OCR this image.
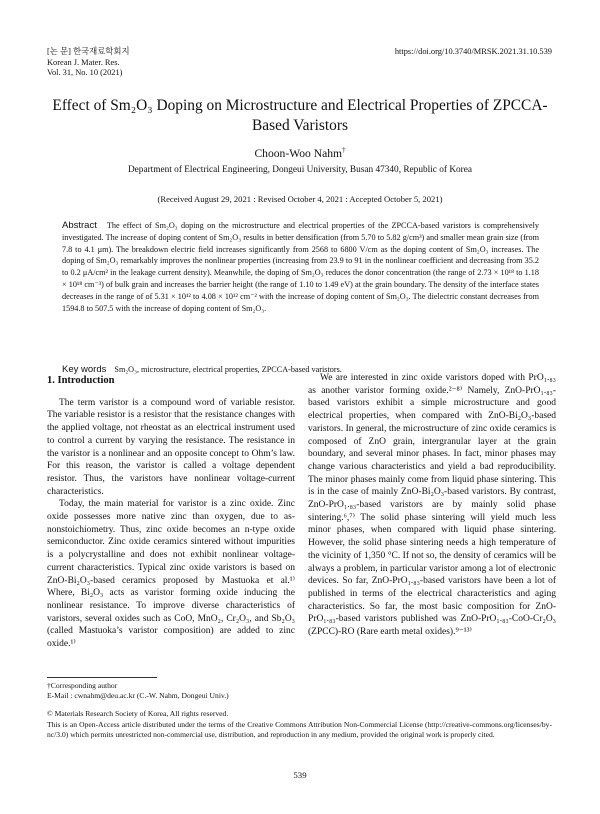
[논 문] 한국재료학회지
Korean J. Mater. Res.
Vol. 31, No. 10 (2021)
https://doi.org/10.3740/MRSK.2021.31.10.539
Effect of Sm₂O₃ Doping on Microstructure and Electrical Properties of ZPCCA-Based Varistors
Choon-Woo Nahm†
Department of Electrical Engineering, Dongeui University, Busan 47340, Republic of Korea
(Received August 29, 2021 : Revised October 4, 2021 : Accepted October 5, 2021)
Abstract The effect of Sm₂O₃ doping on the microstructure and electrical properties of the ZPCCA-based varistors is comprehensively investigated. The increase of doping content of Sm₂O₃ results in better densification (from 5.70 to 5.82 g/cm³) and smaller mean grain size (from 7.8 to 4.1 μm). The breakdown electric field increases significantly from 2568 to 6800 V/cm as the doping content of Sm₂O₃ increases. The doping of Sm₂O₃ remarkably improves the nonlinear properties (increasing from 23.9 to 91 in the nonlinear coefficient and decreasing from 35.2 to 0.2 μA/cm² in the leakage current density). Meanwhile, the doping of Sm₂O₃ reduces the donor concentration (the range of 2.73 × 10¹⁸ to 1.18 × 10¹⁸ cm⁻³) of bulk grain and increases the barrier height (the range of 1.10 to 1.49 eV) at the grain boundary. The density of the interface states decreases in the range of of 5.31 × 10¹² to 4.08 × 10¹² cm⁻² with the increase of doping content of Sm₂O₃. The dielectric constant decreases from 1594.8 to 507.5 with the increase of doping content of Sm₂O₃.
Key words Sm₂O₃, microstructure, electrical properties, ZPCCA-based varistors.
1. Introduction

The term varistor is a compound word of variable resistor. The variable resistor is a resistor that the resistance changes with the applied voltage, not rheostat as an electrical instrument used to control a current by varying the resistance. The resistance in the varistor is a nonlinear and an opposite concept to Ohm’s law. For this reason, the varistor is called a voltage dependent resistor. Thus, the varistors have nonlinear voltage-current characteristics.

Today, the main material for varistor is a zinc oxide. Zinc oxide possesses more native zinc than oxygen, due to as-nonstoichiometry. Thus, zinc oxide becomes an n-type oxide semiconductor. Zinc oxide ceramics sintered without impurities is a polycrystalline and does not exhibit nonlinear voltage-current characteristics. Typical zinc oxide varistors is based on ZnO-Bi₂O₃-based ceramics proposed by Mastuoka et al.¹⁾ Where, Bi₂O₃ acts as varistor forming oxide inducing the nonlinear resistance. To improve diverse characteristics of varistors, several oxides such as CoO, MnO₂, Cr₂O₃, and Sb₂O₃ (called Mastuoka’s varistor composition) are added to zinc oxide.¹⁾

We are interested in zinc oxide varistors doped with PrO₁.₈₃ as another varistor forming oxide.²⁻⁸⁾ Namely, ZnO-PrO₁.₈₃-based varistors exhibit a simple microstructure and good electrical properties, when compared with ZnO-Bi₂O₃-based varistors. In general, the microstructure of zinc oxide ceramics is composed of ZnO grain, intergranular layer at the grain boundary, and several minor phases. In fact, minor phases may change various characteristics and yield a bad reproducibility. The minor phases mainly come from liquid phase sintering. This is in the case of mainly ZnO-Bi₂O₃-based varistors. By contrast, ZnO-PrO₁.₈₃-based varistors are by mainly solid phase sintering.⁶,⁷⁾ The solid phase sintering will yield much less minor phases, when compared with liquid phase sintering. However, the solid phase sintering needs a high temperature of the vicinity of 1,350 °C. If not so, the density of ceramics will be always a problem, in particular varistor among a lot of electronic devices. So far, ZnO-PrO₁.₈₃-based varistors have been a lot of published in terms of the electrical characteristics and aging characteristics. So far, the most basic composition for ZnO-PrO₁.₈₃-based varistors published was ZnO-PrO₁.₈₃-CoO-Cr₂O₃ (ZPCC)-RO (Rare earth metal oxides).⁹⁻¹³⁾

†Corresponding author
E-Mail : cwnahm@deu.ac.kr (C.-W. Nahm, Dongeui Univ.)
© Materials Research Society of Korea, All rights reserved.
This is an Open-Access article distributed under the terms of the Creative Commons Attribution Non-Commercial License (http://creative-commons.org/licenses/by-nc/3.0) which permits unrestricted non-commercial use, distribution, and reproduction in any medium, provided the original work is properly cited.
539
